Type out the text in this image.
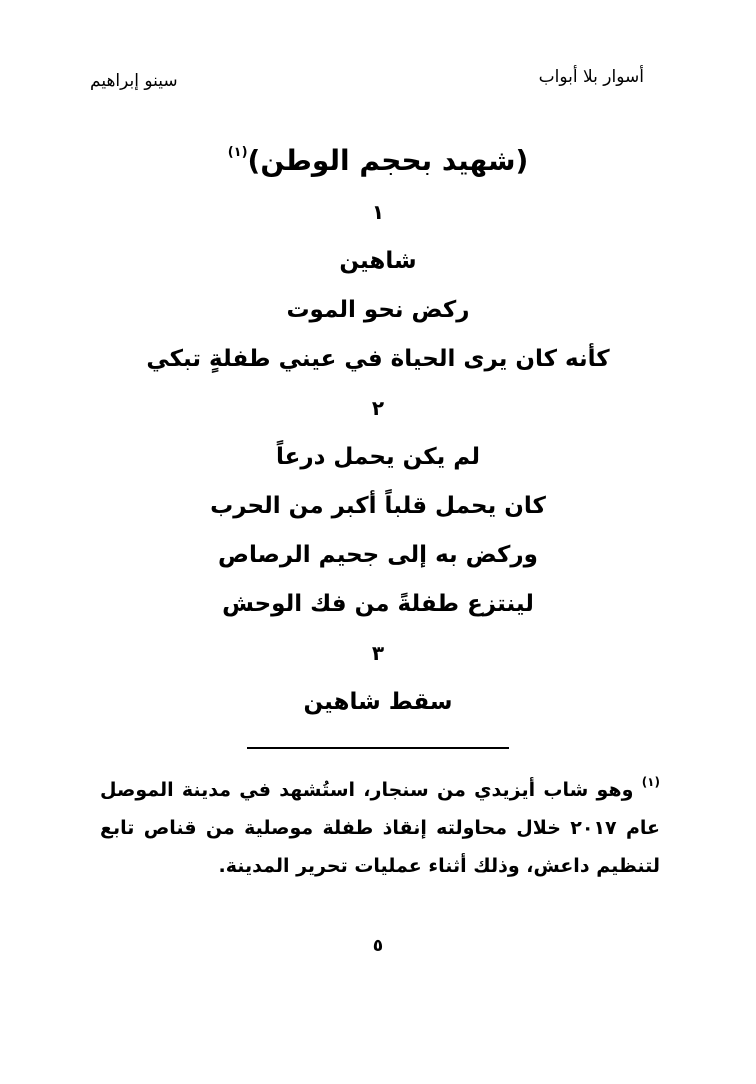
أسوار بلا أبواب
سينو إبراهيم
(شهيد بحجم الوطن)$^{(١)}$
١
شاهين
ركض نحو الموت
كأنه كان يرى الحياة في عيني طفلةٍ تبكي
٢
لم يكن يحمل درعاً
كان يحمل قلباً أكبر من الحرب
وركض به إلى جحيم الرصاص
لينتزع طفلةً من فك الوحش
٣
سقط شاهين
$^{(١)}$ وهو شاب أيزيدي من سنجار، استُشهد في مدينة الموصل عام ٢٠١٧ خلال محاولته إنقاذ طفلة موصلية من قناص تابع لتنظيم داعش، وذلك أثناء عمليات تحرير المدينة.
٥
